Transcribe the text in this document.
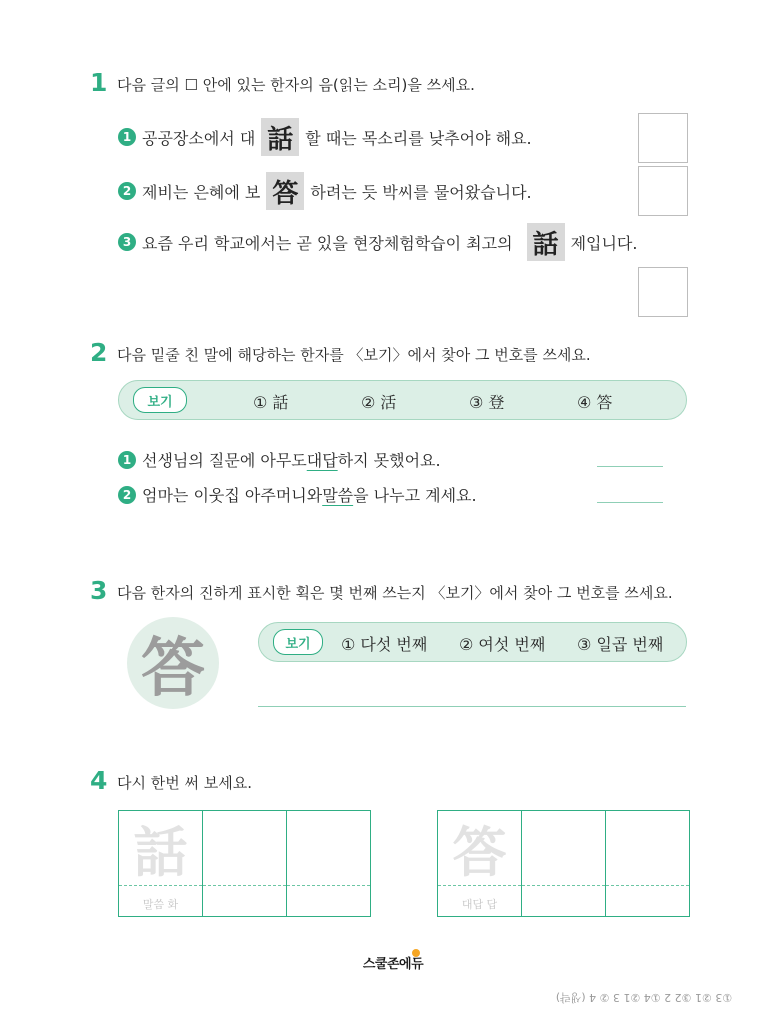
1 다음 글의 ☐ 안에 있는 한자의 음(읽는 소리)을 쓰세요.
1 공공장소에서 대 話 할 때는 목소리를 낮추어야 해요.
2 제비는 은혜에 보 答 하려는 듯 박씨를 물어왔습니다.
3 요즘 우리 학교에서는 곧 있을 현장체험학습이 최고의 話 제입니다.
2 다음 밑줄 친 말에 해당하는 한자를 〈보기〉에서 찾아 그 번호를 쓰세요.
보기	① 話	② 活	③ 登	④ 答
1 선생님의 질문에 아무도 대답 하지 못했어요.
2 엄마는 이웃집 아주머니와 말씀 을 나누고 계세요.
3 다음 한자의 진하게 표시한 획은 몇 번째 쓰는지 〈보기〉에서 찾아 그 번호를 쓰세요.
答	보기	① 다섯 번째 ② 여섯 번째 ③ 일곱 번째
4 다시 한번 써 보세요.
話
말씀 화
答
대답 답
스쿨존에듀
①3 ②1 ③2 2 ①4 ②1 3 ② 4 (생략)
